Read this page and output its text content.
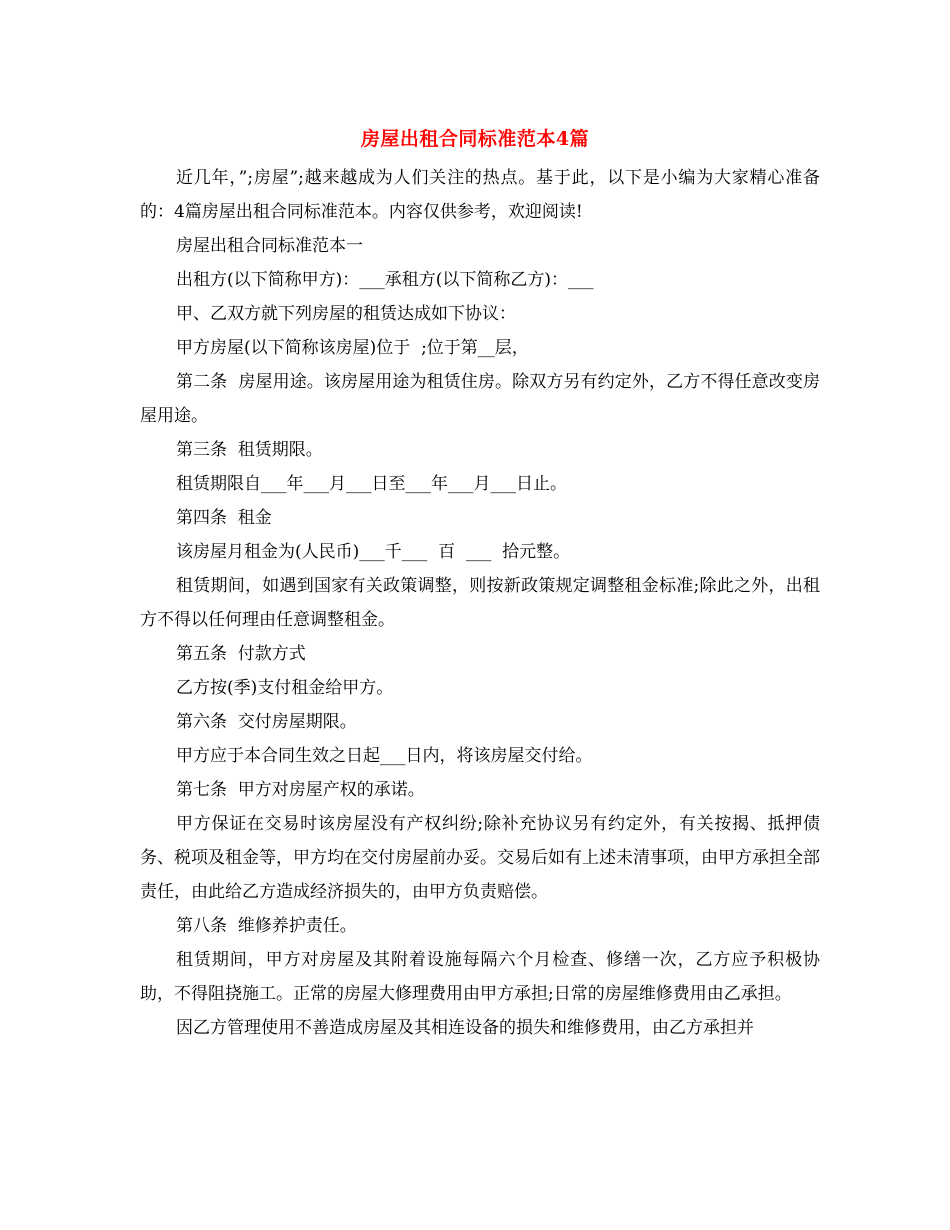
房屋出租合同标准范本4篇

近几年，”;房屋”;越来越成为人们关注的热点。基于此，以下是小编为大家精心准备的：4篇房屋出租合同标准范本。内容仅供参考，欢迎阅读!

房屋出租合同标准范本一

出租方(以下简称甲方)：___承租方(以下简称乙方)：___

甲、乙双方就下列房屋的租赁达成如下协议：

甲方房屋(以下简称该房屋)位于  ;位于第__层，

第二条  房屋用途。该房屋用途为租赁住房。除双方另有约定外，乙方不得任意改变房屋用途。

第三条  租赁期限。

租赁期限自___年___月___日至___年___月___日止。

第四条  租金

该房屋月租金为(人民币)___千___  百  ___  拾元整。

租赁期间，如遇到国家有关政策调整，则按新政策规定调整租金标准;除此之外，出租方不得以任何理由任意调整租金。

第五条  付款方式

乙方按(季)支付租金给甲方。

第六条  交付房屋期限。

甲方应于本合同生效之日起___日内，将该房屋交付给。

第七条  甲方对房屋产权的承诺。

甲方保证在交易时该房屋没有产权纠纷;除补充协议另有约定外，有关按揭、抵押债务、税项及租金等，甲方均在交付房屋前办妥。交易后如有上述未清事项，由甲方承担全部责任，由此给乙方造成经济损失的，由甲方负责赔偿。

第八条  维修养护责任。

租赁期间，甲方对房屋及其附着设施每隔六个月检查、修缮一次，乙方应予积极协助，不得阻挠施工。正常的房屋大修理费用由甲方承担;日常的房屋维修费用由乙承担。

因乙方管理使用不善造成房屋及其相连设备的损失和维修费用，由乙方承担并
